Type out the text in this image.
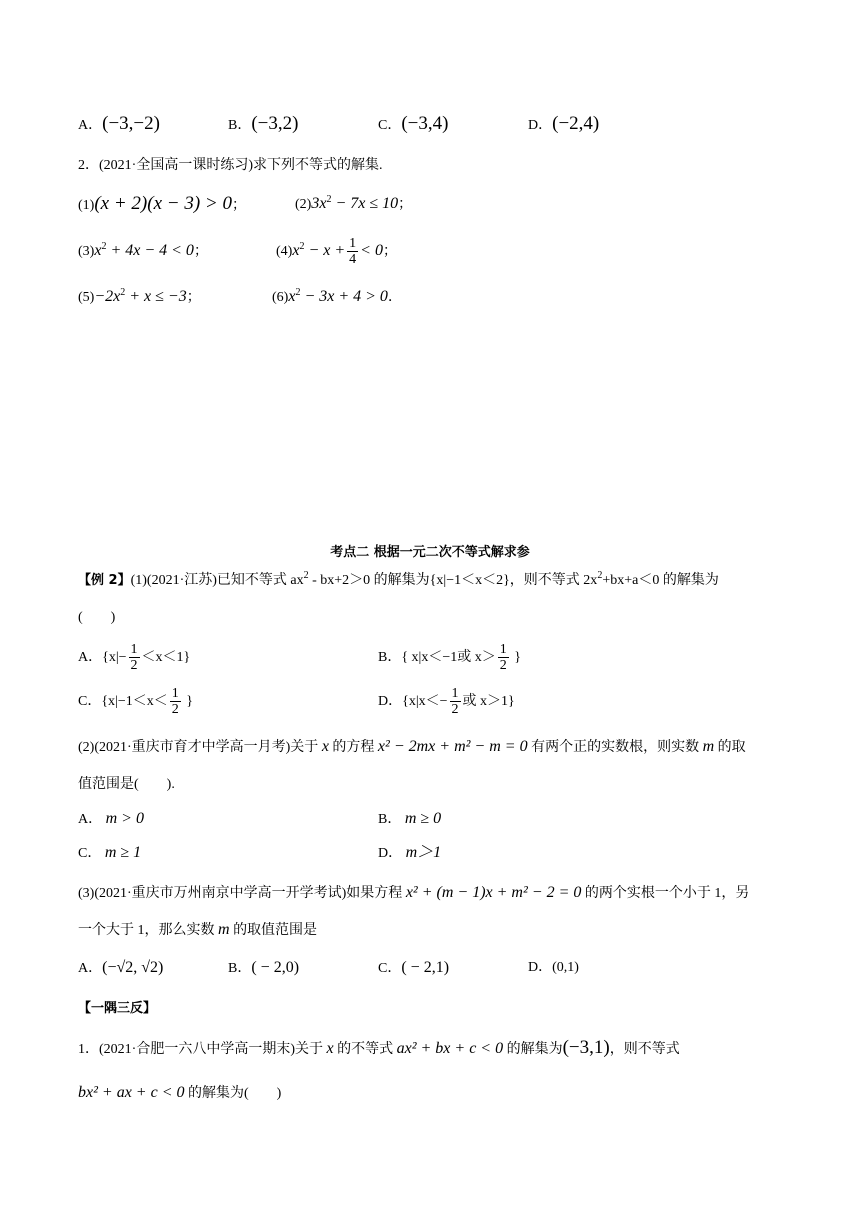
A．(−3,−2)	B．(−3,2)	C．(−3,4)	D．(−2,4)
2．(2021·全国高一课时练习)求下列不等式的解集.
(1)(x + 2)(x − 3) > 0；	$(2)3x^2 - 7x \le 10$；
$(3)x^2 + 4x - 4 < 0$；	$(4)x^2 - x + \frac{1}{4} < 0$；
$(5)-2x^2 + x \le -3$；	$(6)x^2 - 3x + 4 > 0$．
考点二 根据一元二次不等式解求参
【例 2】(1)(2021·江苏)已知不等式 $ax^2 - bx+2>0$ 的解集为{x|−1＜x＜2}，则不等式 $2x^2+bx+a<0$ 的解集为
(　　)
A．$\{x|- \frac{1}{2} <x<1\}$	B．{ x|x＜−1或 $x> \frac{1}{2}$ }
C．{$x|-1<x< \frac{1}{2}$ }	D．{$x|x<- \frac{1}{2}$ 或 x＞1}
(2)(2021·重庆市育才中学高一月考)关于 x 的方程 x² − 2mx + m² − m = 0 有两个正的实数根，则实数 m 的取
值范围是(　　).
A． m > 0	B． m ≥ 0
C． m ≥ 1	D． m＞1
(3)(2021·重庆市万州南京中学高一开学考试)如果方程 x² + (m − 1)x + m² − 2 = 0 的两个实根一个小于 1，另
一个大于 1，那么实数 m 的取值范围是
A．(−√2, √2)	B．( − 2,0)	C．( − 2,1)	D．(0,1)
【一隅三反】
1．(2021·合肥一六八中学高一期末)关于 x 的不等式 ax² + bx + c < 0 的解集为(−3,1)，则不等式
bx² + ax + c < 0 的解集为(　　)
